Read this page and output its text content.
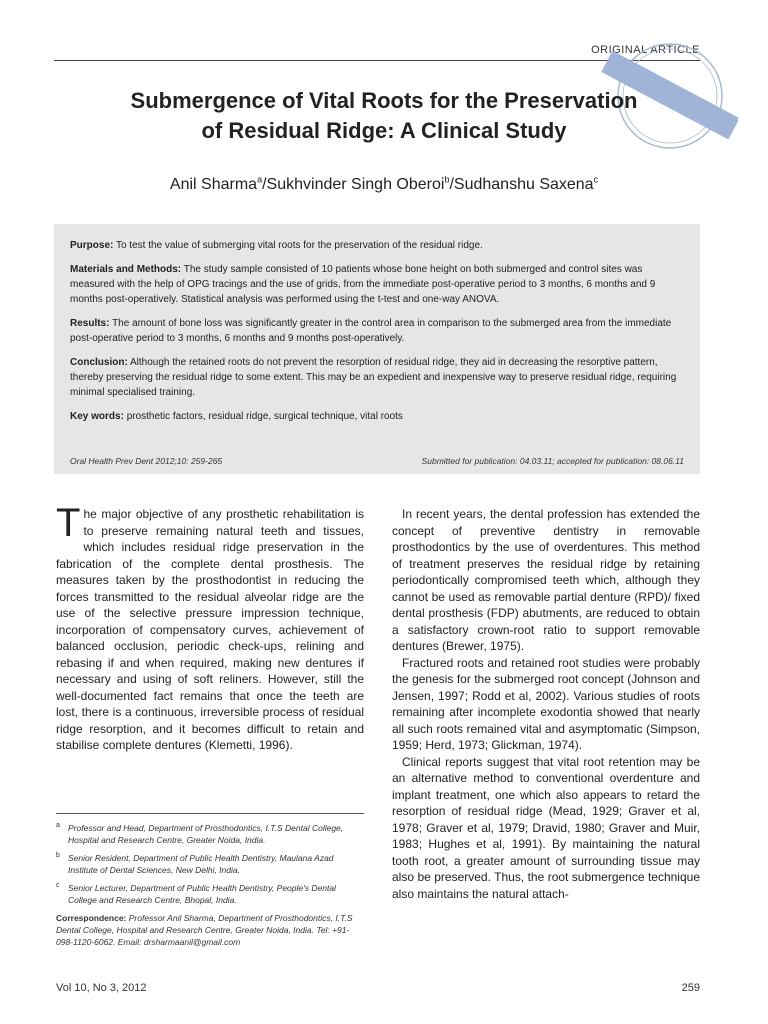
ORIGINAL ARTICLE
Submergence of Vital Roots for the Preservation
of Residual Ridge: A Clinical Study
Anil Sharma$^a$/Sukhvinder Singh Oberoi$^b$/Sudhanshu Saxena$^c$

Purpose: To test the value of submerging vital roots for the preservation of the residual ridge.

Materials and Methods: The study sample consisted of 10 patients whose bone height on both submerged and control sites was measured with the help of OPG tracings and the use of grids, from the immediate post-operative period to 3 months, 6 months and 9 months post-operatively. Statistical analysis was performed using the t-test and one-way ANOVA.

Results: The amount of bone loss was significantly greater in the control area in comparison to the submerged area from the immediate post-operative period to 3 months, 6 months and 9 months post-operatively.

Conclusion: Although the retained roots do not prevent the resorption of residual ridge, they aid in decreasing the resorptive pattern, thereby preserving the residual ridge to some extent. This may be an expedient and inexpensive way to preserve residual ridge, requiring minimal specialised training.

Key words: prosthetic factors, residual ridge, surgical technique, vital roots

Oral Health Prev Dent 2012;10: 259-265	Submitted for publication: 04.03.11; accepted for publication: 08.06.11

The major objective of any prosthetic rehabilitation is to preserve remaining natural teeth and tissues, which includes residual ridge preservation in the fabrication of the complete dental prosthesis. The measures taken by the prosthodontist in reducing the forces transmitted to the residual alveolar ridge are the use of the selective pressure impression technique, incorporation of compensatory curves, achievement of balanced occlusion, periodic check-ups, relining and rebasing if and when required, making new dentures if necessary and using of soft reliners. However, still the well-documented fact remains that once the teeth are lost, there is a continuous, irreversible process of residual ridge resorption, and it becomes difficult to retain and stabilise complete dentures (Klemetti, 1996).

a Professor and Head, Department of Prosthodontics, I.T.S Dental College, Hospital and Research Centre, Greater Noida, India.
b Senior Resident, Department of Public Health Dentistry, Maulana Azad Institute of Dental Sciences, New Delhi, India.
c Senior Lecturer, Department of Public Health Dentistry, People's Dental College and Research Centre, Bhopal, India.
Correspondence: Professor Anil Sharma, Department of Prosthodontics, I.T.S Dental College, Hospital and Research Centre, Greater Noida, India. Tel: +91-098-1120-6062. Email: drsharmaanil@gmail.com

In recent years, the dental profession has extended the concept of preventive dentistry in removable prosthodontics by the use of overdentures. This method of treatment preserves the residual ridge by retaining periodontically compromised teeth which, although they cannot be used as removable partial denture (RPD)/ fixed dental prosthesis (FDP) abutments, are reduced to obtain a satisfactory crown-root ratio to support removable dentures (Brewer, 1975).

Fractured roots and retained root studies were probably the genesis for the submerged root concept (Johnson and Jensen, 1997; Rodd et al, 2002). Various studies of roots remaining after incomplete exodontia showed that nearly all such roots remained vital and asymptomatic (Simpson, 1959; Herd, 1973; Glickman, 1974).

Clinical reports suggest that vital root retention may be an alternative method to conventional overdenture and implant treatment, one which also appears to retard the resorption of residual ridge (Mead, 1929; Graver et al, 1978; Graver et al, 1979; Dravid, 1980; Graver and Muir, 1983; Hughes et al, 1991). By maintaining the natural tooth root, a greater amount of surrounding tissue may also be preserved. Thus, the root submergence technique also maintains the natural attach-

Vol 10, No 3, 2012	259
